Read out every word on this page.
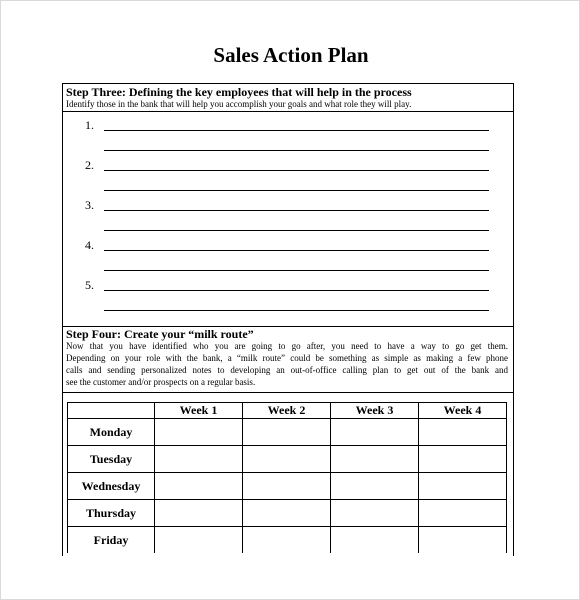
Sales Action Plan
Step Three: Defining the key employees that will help in the process
Identify those in the bank that will help you accomplish your goals and what role they will play.
1.
2.
3.
4.
5.
Step Four: Create your “milk route”
Now that you have identified who you are going to go after, you need to have a way to go get them.
Depending on your role with the bank, a “milk route” could be something as simple as making a few phone
calls and sending personalized notes to developing an out-of-office calling plan to get out of the bank and
see the customer and/or prospects on a regular basis.
	Week 1	Week 2	Week 3	Week 4
Monday				
Tuesday				
Wednesday				
Thursday				
Friday				
